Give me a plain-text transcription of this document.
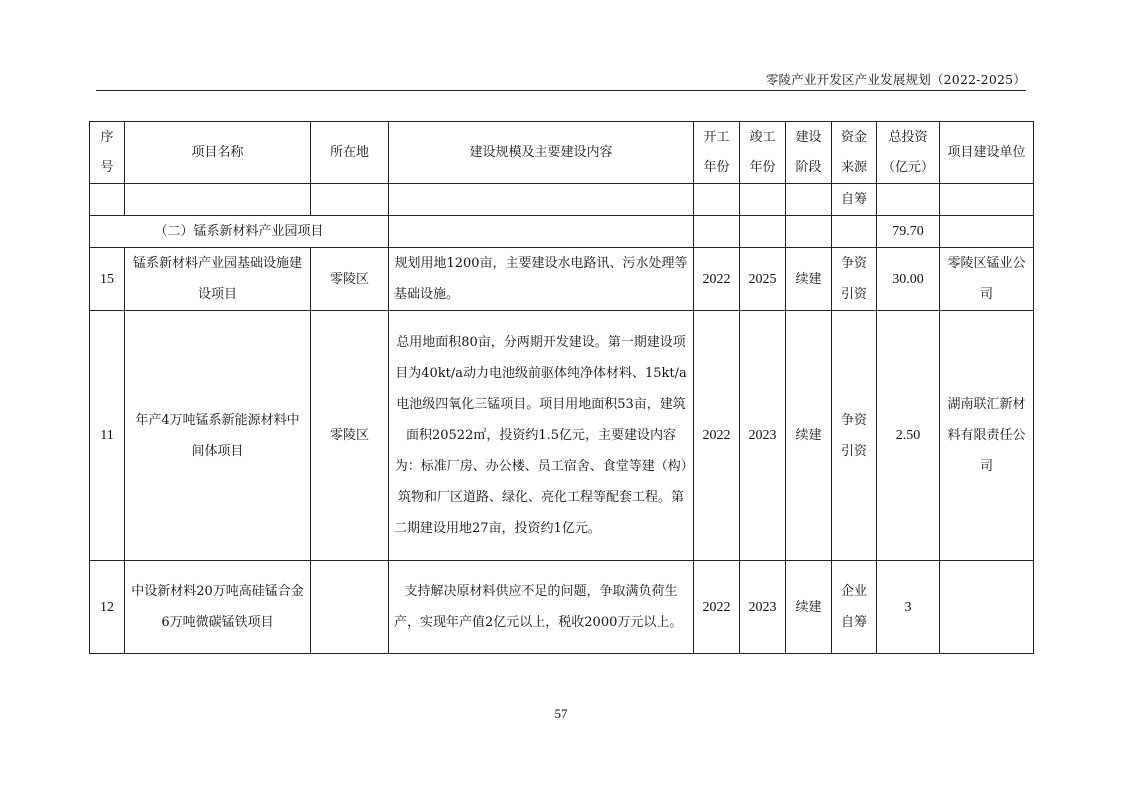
零陵产业开发区产业发展规划（2022-2025）
序号	项目名称	所在地	建设规模及主要建设内容	开工年份	竣工年份	建设阶段	资金来源	总投资（亿元）	项目建设单位
							自筹		
（二）锰系新材料产业园项目								79.70	
15	锰系新材料产业园基础设施建设项目	零陵区	规划用地1200亩，主要建设水电路讯、污水处理等基础设施。	2022	2025	续建	争资引资	30.00	零陵区锰业公司
11	年产4万吨锰系新能源材料中间体项目	零陵区	总用地面积80亩，分两期开发建设。第一期建设项目为40kt/a动力电池级前驱体纯净体材料、15kt/a电池级四氧化三锰项目。项目用地面积53亩，建筑面积20522㎡，投资约1.5亿元，主要建设内容为：标准厂房、办公楼、员工宿舍、食堂等建（构）筑物和厂区道路、绿化、亮化工程等配套工程。第二期建设用地27亩，投资约1亿元。	2022	2023	续建	争资引资	2.50	湖南联汇新材料有限责任公司
12	中设新材料20万吨高硅锰合金6万吨微碳锰铁项目		支持解决原材料供应不足的问题，争取满负荷生产，实现年产值2亿元以上，税收2000万元以上。	2022	2023	续建	企业自筹	3	
57
